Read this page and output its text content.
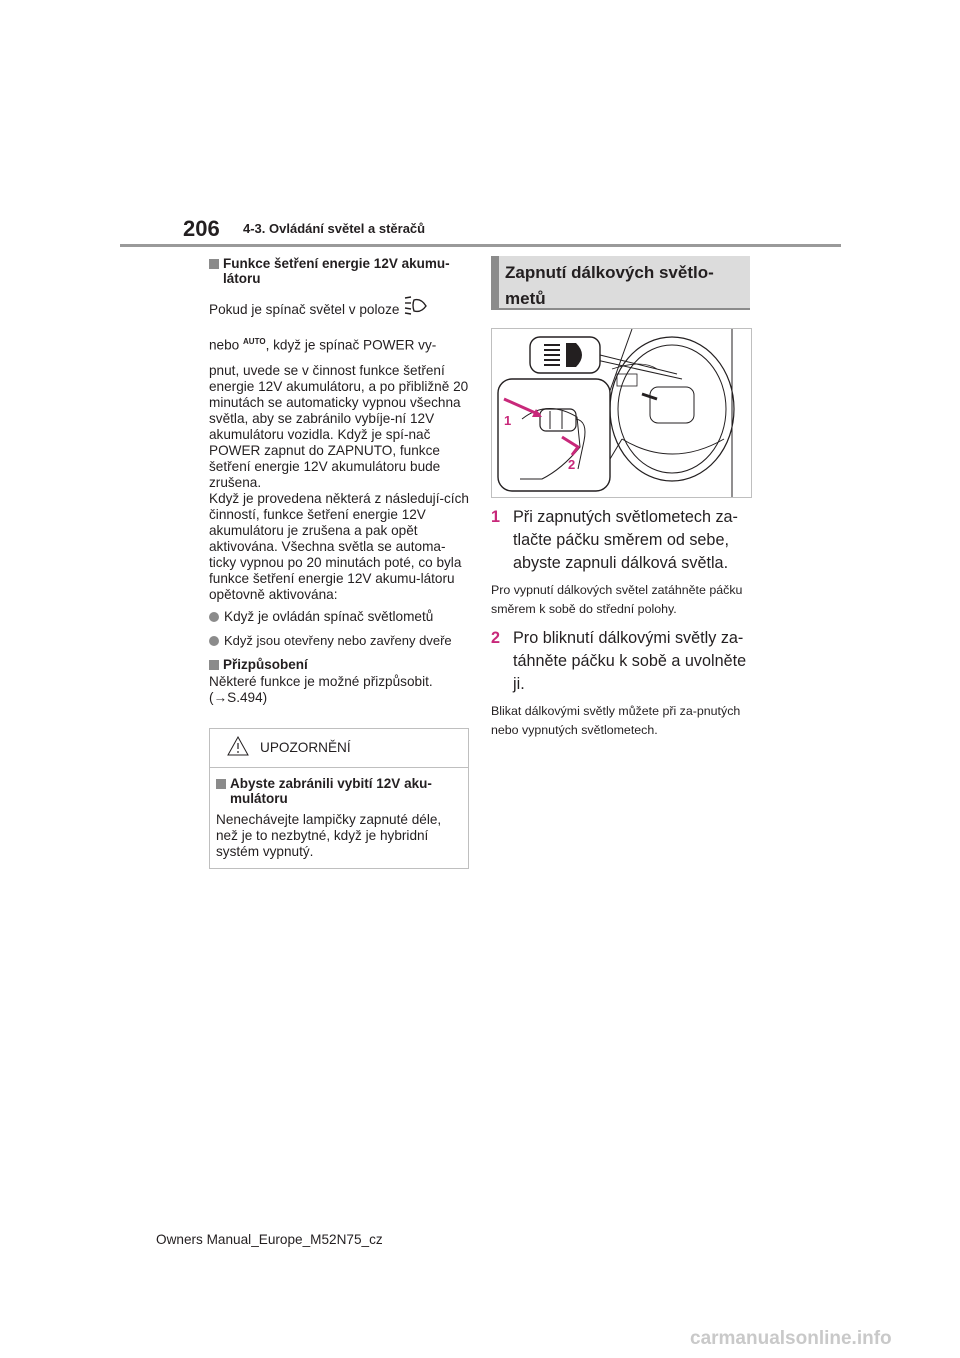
206 4-3. Ovládání světel a stěračů
Funkce šetření energie 12V akumu-látoru
Pokud je spínač světel v poloze
nebo $^{AUTO}$, když je spínač POWER vy-
pnut, uvede se v činnost funkce šetření energie 12V akumulátoru, a po přibližně 20 minutách se automaticky vypnou všechna světla, aby se zabránilo vybíje-ní 12V akumulátoru vozidla. Když je spí-nač POWER zapnut do ZAPNUTO, funkce šetření energie 12V akumulátoru bude zrušena.
Když je provedena některá z následují-cích činností, funkce šetření energie 12V akumulátoru je zrušena a pak opět aktivována. Všechna světla se automa-ticky vypnou po 20 minutách poté, co byla funkce šetření energie 12V akumu-látoru opětovně aktivována:
Když je ovládán spínač světlometů
Když jsou otevřeny nebo zavřeny dveře
Přizpůsobení
Některé funkce je možné přizpůsobit.
(→S.494)
UPOZORNĚNÍ
Abyste zabránili vybití 12V aku-mulátoru
Nenechávejte lampičky zapnuté déle, než je to nezbytné, když je hybridní systém vypnutý.
Zapnutí dálkových světlo-metů
1
2
1 Při zapnutých světlometech za-tlačte páčku směrem od sebe, abyste zapnuli dálková světla.
Pro vypnutí dálkových světel zatáhněte páčku směrem k sobě do střední polohy.
2 Pro bliknutí dálkovými světly za-táhněte páčku k sobě a uvolněte ji.
Blikat dálkovými světly můžete při za-pnutých nebo vypnutých světlometech.
Owners Manual_Europe_M52N75_cz
carmanualsonline.info
